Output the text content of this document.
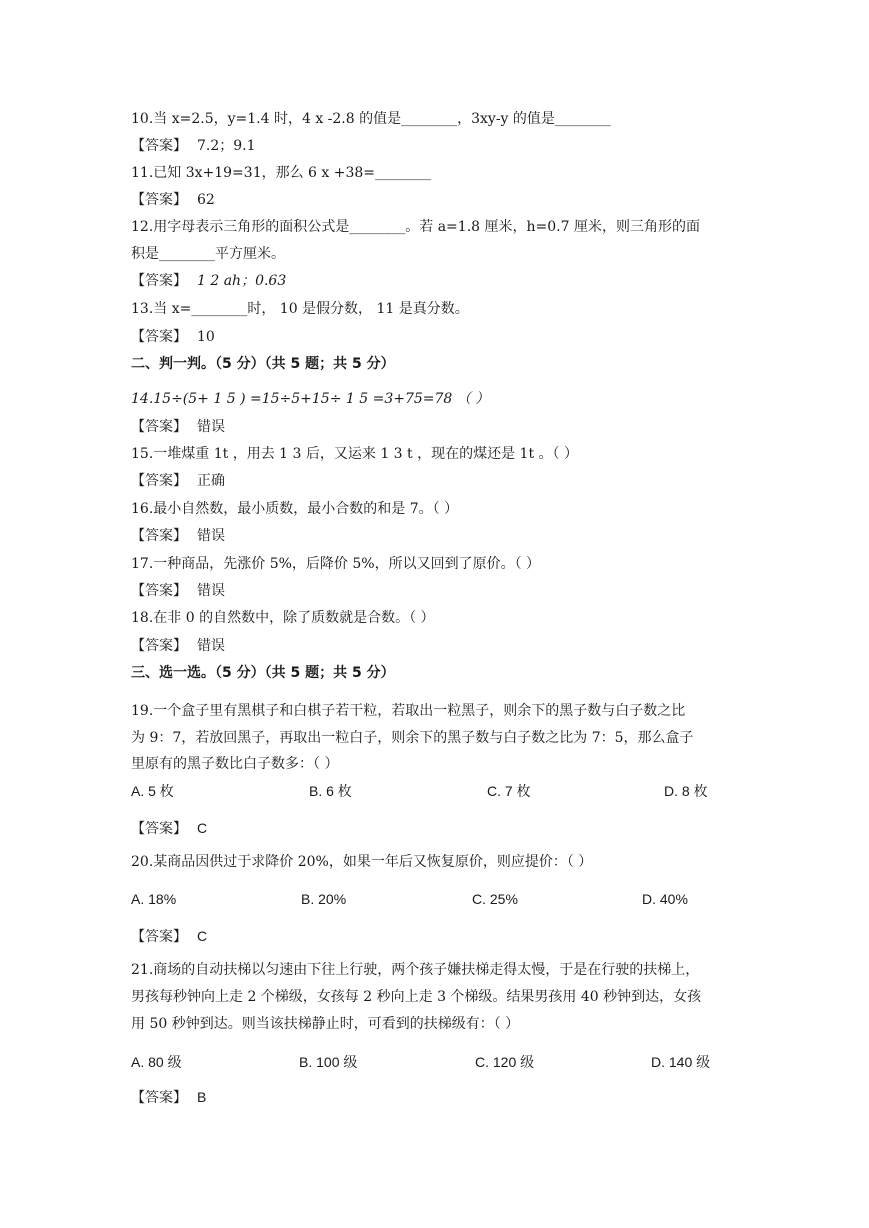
10.当 x=2.5，y=1.4 时，4 x -2.8 的值是________，3xy-y 的值是________
【答案】 7.2；9.1
11.已知 3x+19=31，那么 6 x +38=________
【答案】 62
12.用字母表示三角形的面积公式是________。若 a=1.8 厘米，h=0.7 厘米，则三角形的面
积是________平方厘米。
【答案】 1 2 ah；0.63
13.当 x=________时， 10 是假分数， 11 是真分数。
【答案】 10
二、判一判。（5 分）（共 5 题；共 5 分）
14.15÷(5+ 1 5 ) =15÷5+15÷ 1 5 =3+75=78 （ ）
【答案】 错误
15.一堆煤重 1t ，用去 1 3 后，又运来 1 3 t ，现在的煤还是 1t 。（ ）
【答案】 正确
16.最小自然数，最小质数，最小合数的和是 7。（ ）
【答案】 错误
17.一种商品，先涨价 5%，后降价 5%，所以又回到了原价。（ ）
【答案】 错误
18.在非 0 的自然数中，除了质数就是合数。（ ）
【答案】 错误
三、选一选。（5 分）（共 5 题；共 5 分）
19.一个盒子里有黑棋子和白棋子若干粒，若取出一粒黑子，则余下的黑子数与白子数之比
为 9：7，若放回黑子，再取出一粒白子，则余下的黑子数与白子数之比为 7：5，那么盒子
里原有的黑子数比白子数多：（ ）
A. 5 枚	B. 6 枚	C. 7 枚	D. 8 枚
【答案】 C
20.某商品因供过于求降价 20%，如果一年后又恢复原价，则应提价：（ ）
A. 18%	B. 20%	C. 25%	D. 40%
【答案】 C
21.商场的自动扶梯以匀速由下往上行驶，两个孩子嫌扶梯走得太慢，于是在行驶的扶梯上，
男孩每秒钟向上走 2 个梯级，女孩每 2 秒向上走 3 个梯级。结果男孩用 40 秒钟到达，女孩
用 50 秒钟到达。则当该扶梯静止时，可看到的扶梯级有：（ ）
A. 80 级	B. 100 级	C. 120 级	D. 140 级
【答案】 B
